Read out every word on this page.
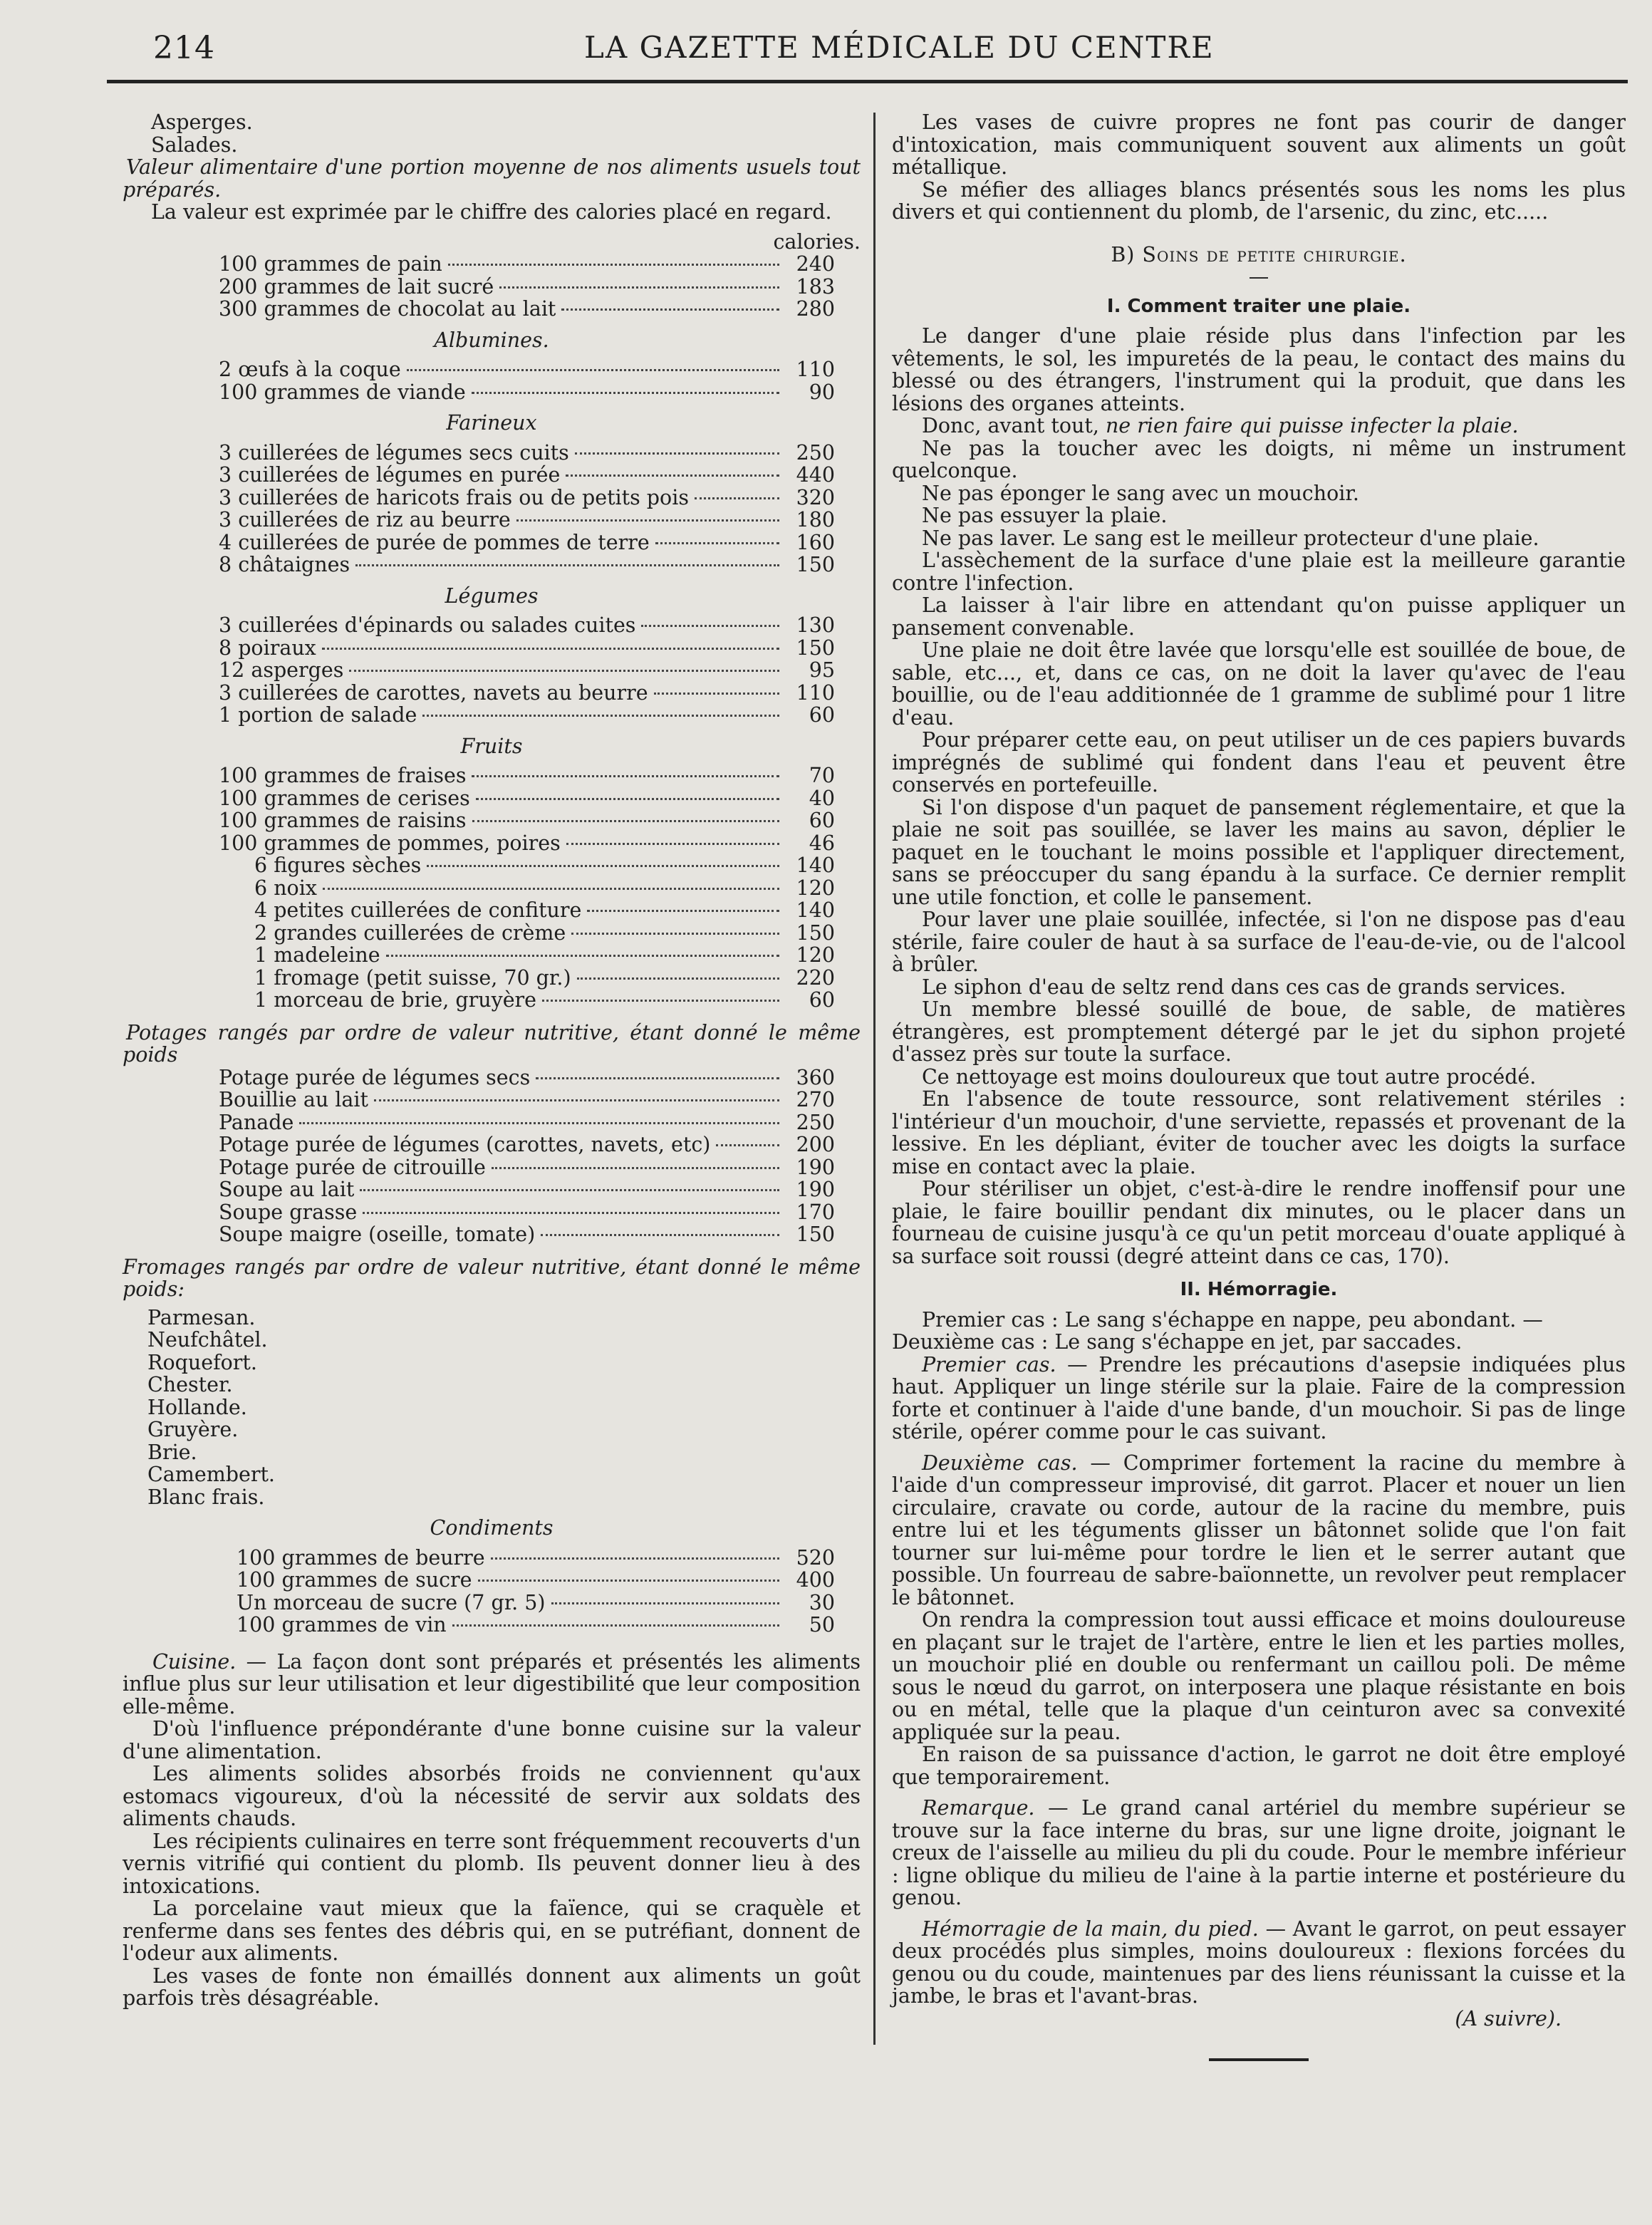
214	LA GAZETTE MÉDICALE DU CENTRE

Asperges.

Salades.

Valeur alimentaire d'une portion moyenne de nos aliments usuels tout préparés.

La valeur est exprimée par le chiffre des calories placé en regard.

calories.

100 grammes de pain	240
200 grammes de lait sucré	183
300 grammes de chocolat au lait	280

Albumines.

2 œufs à la coque	110
100 grammes de viande	90

Farineux

3 cuillerées de légumes secs cuits	250
3 cuillerées de légumes en purée	440
3 cuillerées de haricots frais ou de petits pois	320
3 cuillerées de riz au beurre	180
4 cuillerées de purée de pommes de terre	160
8 châtaignes	150

Légumes

3 cuillerées d'épinards ou salades cuites	130
8 poiraux	150
12 asperges	95
3 cuillerées de carottes, navets au beurre	110
1 portion de salade	60

Fruits

100 grammes de fraises	70
100 grammes de cerises	40
100 grammes de raisins	60
100 grammes de pommes, poires	46
6 figures sèches	140
6 noix	120
4 petites cuillerées de confiture	140
2 grandes cuillerées de crème	150
1 madeleine	120
1 fromage (petit suisse, 70 gr.)	220
1 morceau de brie, gruyère	60

Potages rangés par ordre de valeur nutritive, étant donné le même poids

Potage purée de légumes secs	360
Bouillie au lait	270
Panade	250
Potage purée de légumes (carottes, navets, etc)	200
Potage purée de citrouille	190
Soupe au lait	190
Soupe grasse	170
Soupe maigre (oseille, tomate)	150

Fromages rangés par ordre de valeur nutritive, étant donné le même poids:

Parmesan.

Neufchâtel.

Roquefort.

Chester.

Hollande.

Gruyère.

Brie.

Camembert.

Blanc frais.

Condiments

100 grammes de beurre	520
100 grammes de sucre	400
Un morceau de sucre (7 gr. 5)	30
100 grammes de vin	50

Cuisine. — La façon dont sont préparés et présentés les aliments influe plus sur leur utilisation et leur digestibilité que leur composition elle-même.

D'où l'influence prépondérante d'une bonne cuisine sur la valeur d'une alimentation.

Les aliments solides absorbés froids ne conviennent qu'aux estomacs vigoureux, d'où la nécessité de servir aux soldats des aliments chauds.

Les récipients culinaires en terre sont fréquemment recouverts d'un vernis vitrifié qui contient du plomb. Ils peuvent donner lieu à des intoxications.

La porcelaine vaut mieux que la faïence, qui se craquèle et renferme dans ses fentes des débris qui, en se putréfiant, donnent de l'odeur aux aliments.

Les vases de fonte non émaillés donnent aux aliments un goût parfois très désagréable.

Les vases de cuivre propres ne font pas courir de danger d'intoxication, mais communiquent souvent aux aliments un goût métallique.

Se méfier des alliages blancs présentés sous les noms les plus divers et qui contiennent du plomb, de l'arsenic, du zinc, etc.....

B) Soins de petite chirurgie.

—

I. Comment traiter une plaie.

Le danger d'une plaie réside plus dans l'infection par les vêtements, le sol, les impuretés de la peau, le contact des mains du blessé ou des étrangers, l'instrument qui la produit, que dans les lésions des organes atteints.

Donc, avant tout, ne rien faire qui puisse infecter la plaie.

Ne pas la toucher avec les doigts, ni même un instrument quelconque.

Ne pas éponger le sang avec un mouchoir.

Ne pas essuyer la plaie.

Ne pas laver. Le sang est le meilleur protecteur d'une plaie.

L'assèchement de la surface d'une plaie est la meilleure garantie contre l'infection.

La laisser à l'air libre en attendant qu'on puisse appliquer un pansement convenable.

Une plaie ne doit être lavée que lorsqu'elle est souillée de boue, de sable, etc..., et, dans ce cas, on ne doit la laver qu'avec de l'eau bouillie, ou de l'eau additionnée de 1 gramme de sublimé pour 1 litre d'eau.

Pour préparer cette eau, on peut utiliser un de ces papiers buvards imprégnés de sublimé qui fondent dans l'eau et peuvent être conservés en portefeuille.

Si l'on dispose d'un paquet de pansement réglementaire, et que la plaie ne soit pas souillée, se laver les mains au savon, déplier le paquet en le touchant le moins possible et l'appliquer directement, sans se préoccuper du sang épandu à la surface. Ce dernier remplit une utile fonction, et colle le pansement.

Pour laver une plaie souillée, infectée, si l'on ne dispose pas d'eau stérile, faire couler de haut à sa surface de l'eau-de-vie, ou de l'alcool à brûler.

Le siphon d'eau de seltz rend dans ces cas de grands services.

Un membre blessé souillé de boue, de sable, de matières étrangères, est promptement détergé par le jet du siphon projeté d'assez près sur toute la surface.

Ce nettoyage est moins douloureux que tout autre procédé.

En l'absence de toute ressource, sont relativement stériles : l'intérieur d'un mouchoir, d'une serviette, repassés et provenant de la lessive. En les dépliant, éviter de toucher avec les doigts la surface mise en contact avec la plaie.

Pour stériliser un objet, c'est-à-dire le rendre inoffensif pour une plaie, le faire bouillir pendant dix minutes, ou le placer dans un fourneau de cuisine jusqu'à ce qu'un petit morceau d'ouate appliqué à sa surface soit roussi (degré atteint dans ce cas, 170).

II. Hémorragie.

Premier cas : Le sang s'échappe en nappe, peu abondant. —

Deuxième cas : Le sang s'échappe en jet, par saccades.

Premier cas. — Prendre les précautions d'asepsie indiquées plus haut. Appliquer un linge stérile sur la plaie. Faire de la compression forte et continuer à l'aide d'une bande, d'un mouchoir. Si pas de linge stérile, opérer comme pour le cas suivant.

Deuxième cas. — Comprimer fortement la racine du membre à l'aide d'un compresseur improvisé, dit garrot. Placer et nouer un lien circulaire, cravate ou corde, autour de la racine du membre, puis entre lui et les téguments glisser un bâtonnet solide que l'on fait tourner sur lui-même pour tordre le lien et le serrer autant que possible. Un fourreau de sabre-baïonnette, un revolver peut remplacer le bâtonnet.

On rendra la compression tout aussi efficace et moins douloureuse en plaçant sur le trajet de l'artère, entre le lien et les parties molles, un mouchoir plié en double ou renfermant un caillou poli. De même sous le nœud du garrot, on interposera une plaque résistante en bois ou en métal, telle que la plaque d'un ceinturon avec sa convexité appliquée sur la peau.

En raison de sa puissance d'action, le garrot ne doit être employé que temporairement.

Remarque. — Le grand canal artériel du membre supérieur se trouve sur la face interne du bras, sur une ligne droite, joignant le creux de l'aisselle au milieu du pli du coude. Pour le membre inférieur : ligne oblique du milieu de l'aine à la partie interne et postérieure du genou.

Hémorragie de la main, du pied. — Avant le garrot, on peut essayer deux procédés plus simples, moins douloureux : flexions forcées du genou ou du coude, maintenues par des liens réunissant la cuisse et la jambe, le bras et l'avant-bras.

(A suivre).
